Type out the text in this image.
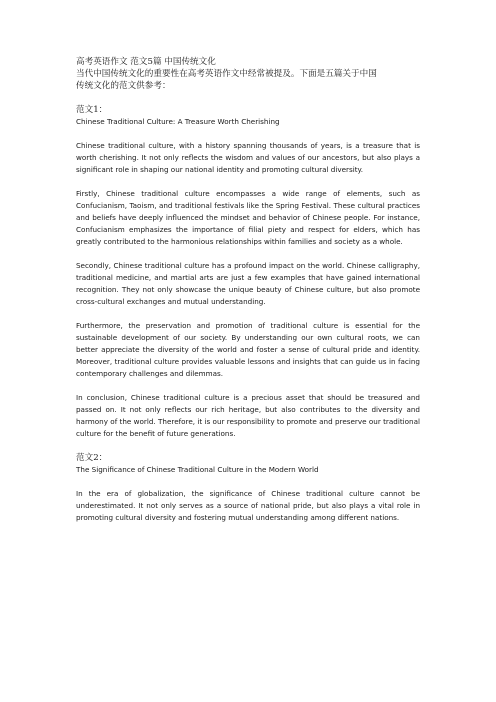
高考英语作文 范文5篇 中国传统文化

当代中国传统文化的重要性在高考英语作文中经常被提及。下面是五篇关于中国

传统文化的范文供参考：

范文1：

Chinese Traditional Culture: A Treasure Worth Cherishing

Chinese traditional culture, with a history spanning thousands of years, is a treasure that is worth cherishing. It not only reflects the wisdom and values of our ancestors, but also plays a significant role in shaping our national identity and promoting cultural diversity.

Firstly, Chinese traditional culture encompasses a wide range of elements, such as Confucianism, Taoism, and traditional festivals like the Spring Festival. These cultural practices and beliefs have deeply influenced the mindset and behavior of Chinese people. For instance, Confucianism emphasizes the importance of filial piety and respect for elders, which has greatly contributed to the harmonious relationships within families and society as a whole.

Secondly, Chinese traditional culture has a profound impact on the world. Chinese calligraphy, traditional medicine, and martial arts are just a few examples that have gained international recognition. They not only showcase the unique beauty of Chinese culture, but also promote cross-cultural exchanges and mutual understanding.

Furthermore, the preservation and promotion of traditional culture is essential for the sustainable development of our society. By understanding our own cultural roots, we can better appreciate the diversity of the world and foster a sense of cultural pride and identity. Moreover, traditional culture provides valuable lessons and insights that can guide us in facing contemporary challenges and dilemmas.

In conclusion, Chinese traditional culture is a precious asset that should be treasured and passed on. It not only reflects our rich heritage, but also contributes to the diversity and harmony of the world. Therefore, it is our responsibility to promote and preserve our traditional culture for the benefit of future generations.

范文2：

The Significance of Chinese Traditional Culture in the Modern World

In the era of globalization, the significance of Chinese traditional culture cannot be underestimated. It not only serves as a source of national pride, but also plays a vital role in promoting cultural diversity and fostering mutual understanding among different nations.
